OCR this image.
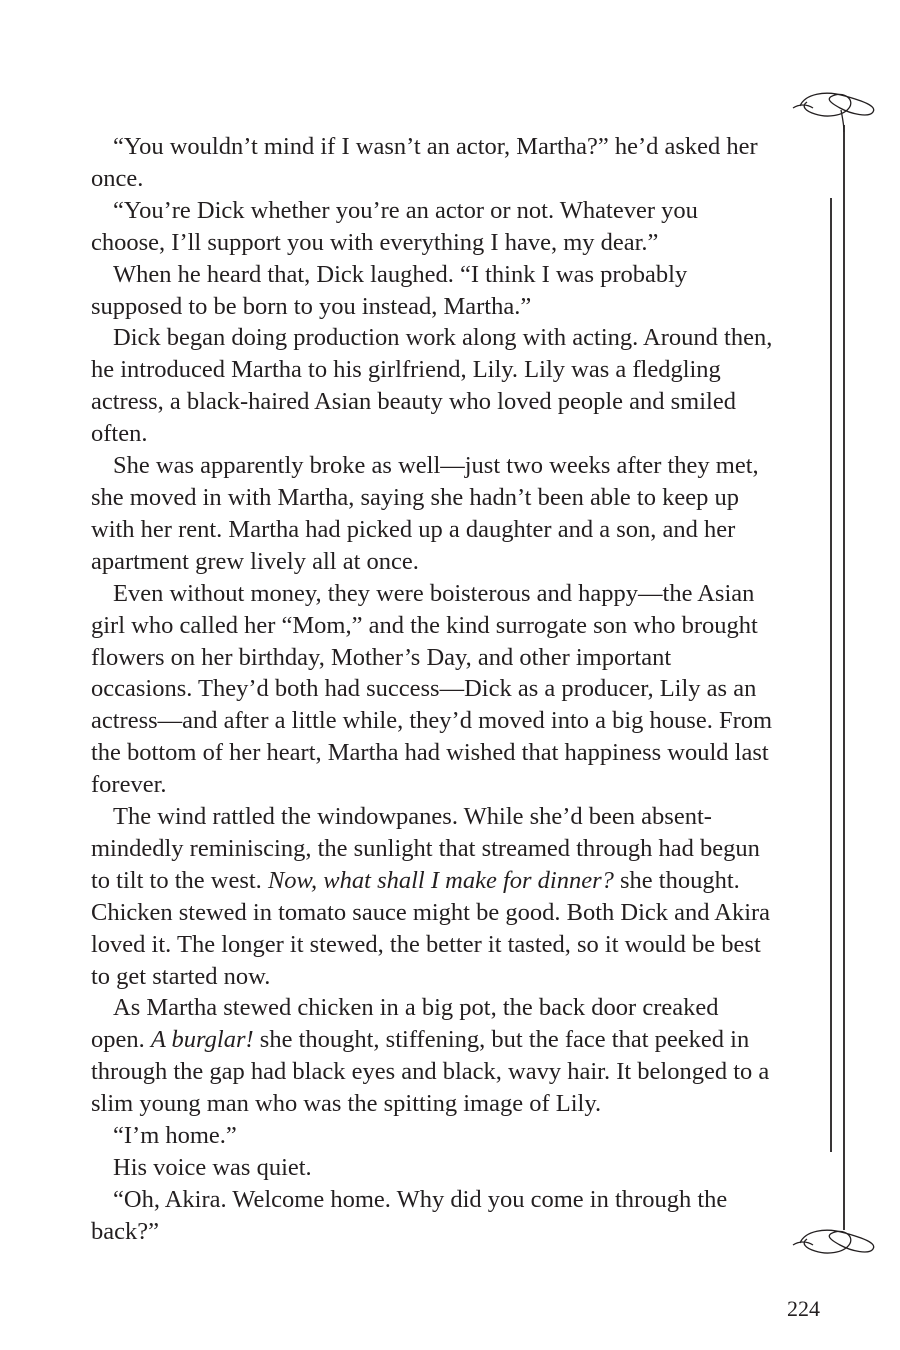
“You wouldn’t mind if I wasn’t an actor, Martha?” he’d asked her once.

“You’re Dick whether you’re an actor or not. Whatever you choose, I’ll support you with everything I have, my dear.”

When he heard that, Dick laughed. “I think I was probably supposed to be born to you instead, Martha.”

Dick began doing production work along with acting. Around then, he introduced Martha to his girlfriend, Lily. Lily was a fledgling actress, a black-haired Asian beauty who loved people and smiled often.

She was apparently broke as well—just two weeks after they met, she moved in with Martha, saying she hadn’t been able to keep up with her rent. Martha had picked up a daughter and a son, and her apartment grew lively all at once.

Even without money, they were boisterous and happy—the Asian girl who called her “Mom,” and the kind surrogate son who brought flowers on her birthday, Mother’s Day, and other important occasions. They’d both had success—Dick as a producer, Lily as an actress—and after a little while, they’d moved into a big house. From the bottom of her heart, Martha had wished that happiness would last forever.

The wind rattled the windowpanes. While she’d been absent-mindedly reminiscing, the sunlight that streamed through had begun to tilt to the west. Now, what shall I make for dinner? she thought. Chicken stewed in tomato sauce might be good. Both Dick and Akira loved it. The longer it stewed, the better it tasted, so it would be best to get started now.

As Martha stewed chicken in a big pot, the back door creaked open. A burglar! she thought, stiffening, but the face that peeked in through the gap had black eyes and black, wavy hair. It belonged to a slim young man who was the spitting image of Lily.

“I’m home.”

His voice was quiet.

“Oh, Akira. Welcome home. Why did you come in through the back?”

224
